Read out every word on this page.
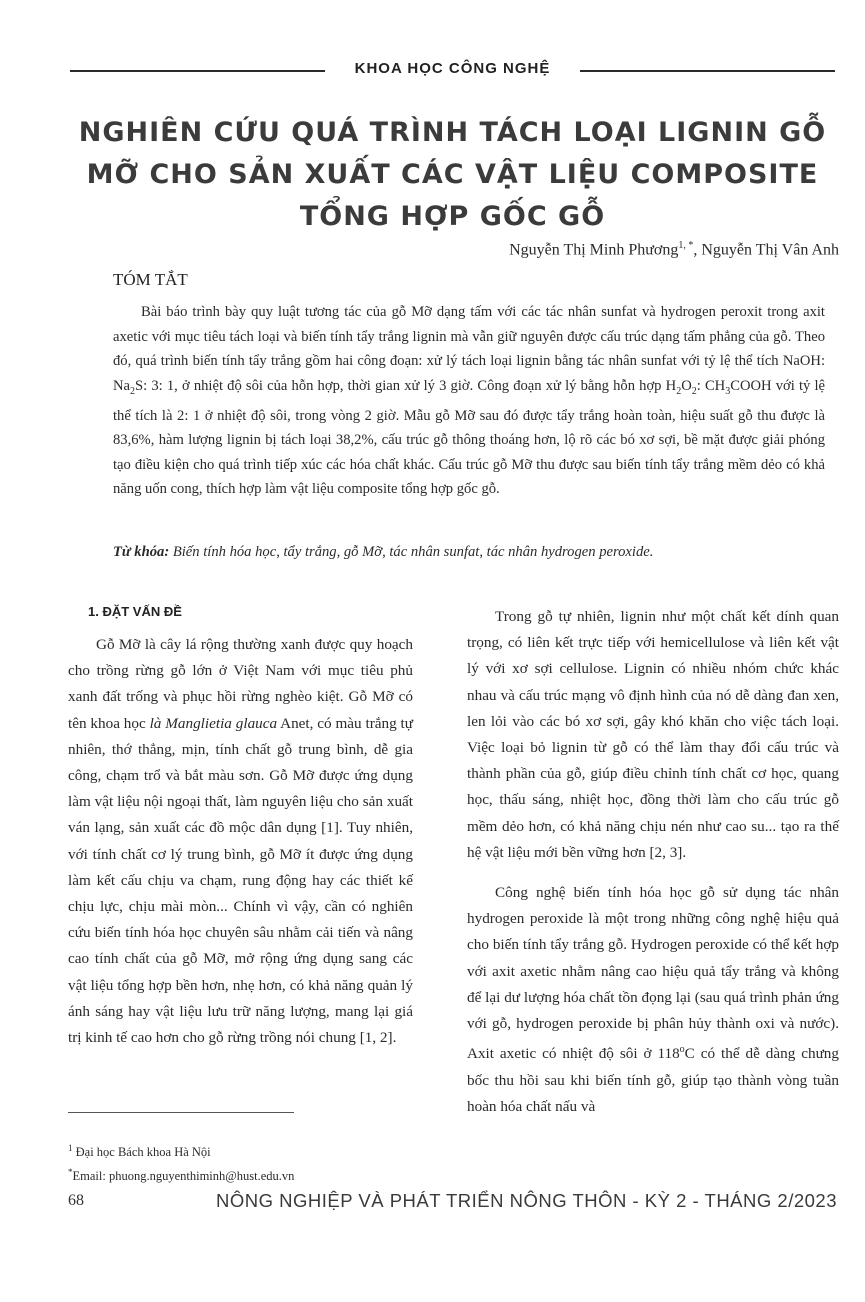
KHOA HỌC CÔNG NGHỆ
NGHIÊN CỨU QUÁ TRÌNH TÁCH LOẠI LIGNIN GỖ MỠ CHO SẢN XUẤT CÁC VẬT LIỆU COMPOSITE TỔNG HỢP GỐC GỖ
Nguyễn Thị Minh Phương$^{1, *}$, Nguyễn Thị Vân Anh
TÓM TẮT

Bài báo trình bày quy luật tương tác của gỗ Mỡ dạng tấm với các tác nhân sunfat và hydrogen peroxit trong axit axetic với mục tiêu tách loại và biến tính tẩy trắng lignin mà vẫn giữ nguyên được cấu trúc dạng tấm phẳng của gỗ. Theo đó, quá trình biến tính tẩy trắng gồm hai công đoạn: xử lý tách loại lignin bằng tác nhân sunfat với tỷ lệ thể tích NaOH: $Na_2S$: 3: 1, ở nhiệt độ sôi của hỗn hợp, thời gian xử lý 3 giờ. Công đoạn xử lý bằng hỗn hợp $H_2O_2$: $CH_3COOH$ với tỷ lệ thể tích là 2: 1 ở nhiệt độ sôi, trong vòng 2 giờ. Mẫu gỗ Mỡ sau đó được tẩy trắng hoàn toàn, hiệu suất gỗ thu được là 83,6%, hàm lượng lignin bị tách loại 38,2%, cấu trúc gỗ thông thoáng hơn, lộ rõ các bó xơ sợi, bề mặt được giải phóng tạo điều kiện cho quá trình tiếp xúc các hóa chất khác. Cấu trúc gỗ Mỡ thu được sau biến tính tẩy trắng mềm dẻo có khả năng uốn cong, thích hợp làm vật liệu composite tổng hợp gốc gỗ.

Từ khóa: Biến tính hóa học, tẩy trắng, gỗ Mỡ, tác nhân sunfat, tác nhân hydrogen peroxide.
1. ĐẶT VẤN ĐỀ

Gỗ Mỡ là cây lá rộng thường xanh được quy hoạch cho trồng rừng gỗ lớn ở Việt Nam với mục tiêu phủ xanh đất trống và phục hồi rừng nghèo kiệt. Gỗ Mỡ có tên khoa học là Manglietia glauca Anet, có màu trắng tự nhiên, thớ thẳng, mịn, tính chất gỗ trung bình, dễ gia công, chạm trổ và bắt màu sơn. Gỗ Mỡ được ứng dụng làm vật liệu nội ngoại thất, làm nguyên liệu cho sản xuất ván lạng, sản xuất các đồ mộc dân dụng [1]. Tuy nhiên, với tính chất cơ lý trung bình, gỗ Mỡ ít được ứng dụng làm kết cấu chịu va chạm, rung động hay các thiết kế chịu lực, chịu mài mòn... Chính vì vậy, cần có nghiên cứu biến tính hóa học chuyên sâu nhằm cải tiến và nâng cao tính chất của gỗ Mỡ, mở rộng ứng dụng sang các vật liệu tổng hợp bền hơn, nhẹ hơn, có khả năng quản lý ánh sáng hay vật liệu lưu trữ năng lượng, mang lại giá trị kinh tế cao hơn cho gỗ rừng trồng nói chung [1, 2].

Trong gỗ tự nhiên, lignin như một chất kết dính quan trọng, có liên kết trực tiếp với hemicellulose và liên kết vật lý với xơ sợi cellulose. Lignin có nhiều nhóm chức khác nhau và cấu trúc mạng vô định hình của nó dễ dàng đan xen, len lỏi vào các bó xơ sợi, gây khó khăn cho việc tách loại. Việc loại bỏ lignin từ gỗ có thể làm thay đổi cấu trúc và thành phần của gỗ, giúp điều chỉnh tính chất cơ học, quang học, thấu sáng, nhiệt học, đồng thời làm cho cấu trúc gỗ mềm dẻo hơn, có khả năng chịu nén như cao su... tạo ra thế hệ vật liệu mới bền vững hơn [2, 3].

Công nghệ biến tính hóa học gỗ sử dụng tác nhân hydrogen peroxide là một trong những công nghệ hiệu quả cho biến tính tẩy trắng gỗ. Hydrogen peroxide có thể kết hợp với axit axetic nhằm nâng cao hiệu quả tẩy trắng và không để lại dư lượng hóa chất tồn đọng lại (sau quá trình phản ứng với gỗ, hydrogen peroxide bị phân hủy thành oxi và nước). Axit axetic có nhiệt độ sôi ở 118$^o$C có thể dễ dàng chưng bốc thu hồi sau khi biến tính gỗ, giúp tạo thành vòng tuần hoàn hóa chất nấu và

$^1$ Đại học Bách khoa Hà Nội
*Email: phuong.nguyenthiminh@hust.edu.vn
68	NÔNG NGHIỆP VÀ PHÁT TRIỂN NÔNG THÔN - KỲ 2 - THÁNG 2/2023
